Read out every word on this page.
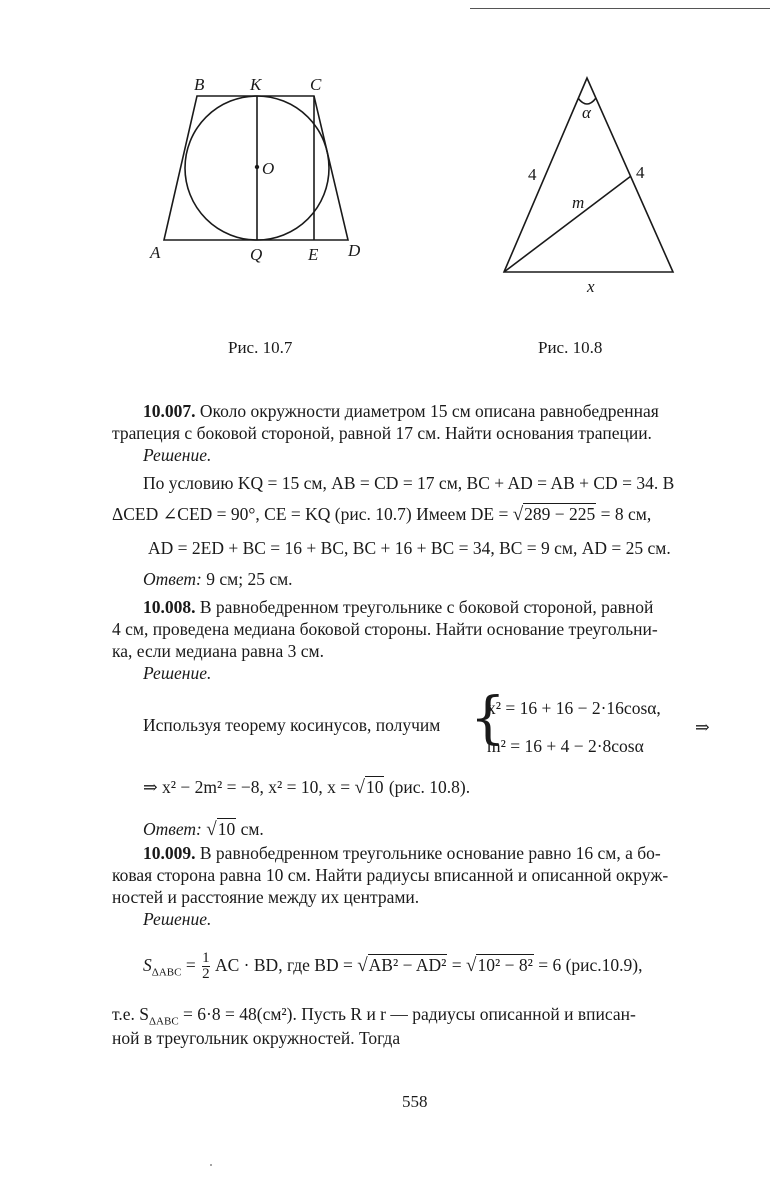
B	K	C
O
A	Q	E D
α
4	4
m
x
Рис. 10.7	Рис. 10.8
10.007. Около окружности диаметром 15 см описана равнобедренная
трапеция с боковой стороной, равной 17 см. Найти основания трапеции.
Решение.
По условию KQ = 15 см, AB = CD = 17 см, BC + AD = AB + CD = 34. В
ΔCED ∠CED = 90°, CE = KQ (рис. 10.7) Имеем DE = √289 − 225 = 8 см,
AD = 2ED + BC = 16 + BC, BC + 16 + BC = 34, BC = 9 см, AD = 25 см.
Ответ: 9 см; 25 см.
10.008. В равнобедренном треугольнике с боковой стороной, равной
4 см, проведена медиана боковой стороны. Найти основание треугольни-
ка, если медиана равна 3 см.
Решение.
Используя теорему косинусов, получим {
x² = 16 + 16 − 2·16cosα,
m² = 16 + 4 − 2·8cosα
⇒
⇒ x² − 2m² = −8, x² = 10, x = √10 (рис. 10.8).
Ответ: √10 см.
10.009. В равнобедренном треугольнике основание равно 16 см, а бо-
ковая сторона равна 10 см. Найти радиусы вписанной и описанной окруж-
ностей и расстояние между их центрами.
Решение.
$S_{\Delta ABC} = \frac{1}{2}$ AC · BD, где BD = √AB² − AD² = √10² − 8² = 6 (рис.10.9),
т.е. $S_{\Delta ABC} = 6\cdot 8 = 48(см^2)$. Пусть R и r — радиусы описанной и вписан-
ной в треугольник окружностей. Тогда
558
